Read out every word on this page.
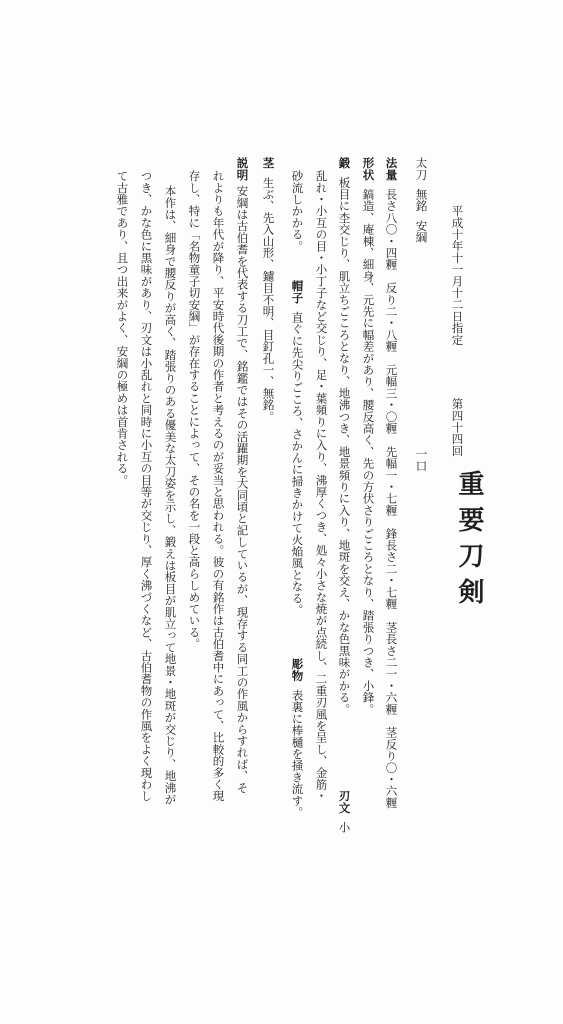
重要刀剣
平成十年十一月十二日指定
第四十四回
太刀無銘安綱
一口
法量長さ八〇・四糎　反り二・八糎　元幅三・〇糎　先幅一・七糎　鋒長さ二・七糎　茎長さ二一・六糎　茎反り〇・六糎
形状鎬造、庵棟、細身、元先に幅差があり、腰反高く、先の方伏さりごころとなり、踏張りつき、小鋒。
鍛板目に杢交じり、肌立ちごころとなり、地沸つき、地景頻りに入り、地斑を交え、かな色黒味がかる。
刃文小
乱れ・小互の目・小丁子など交じり、足・葉頻りに入り、沸厚くつき、処々小さな焼が点続し、二重刃風を呈し、金筋・
砂流しかかる。
帽子直ぐに先尖りごころ、さかんに掃きかけて火焔風となる。
彫物表裏に棒樋を掻き流す。
茎生ぶ、先入山形、鑢目不明、目釘孔一、無銘。
説明
安綱は古伯耆を代表する刀工で、銘鑑ではその活躍期を大同頃と記しているが、現存する同工の作風からすれば、そ
れよりも年代が降り、平安時代後期の作者と考えるのが妥当と思われる。彼の有銘作は古伯耆中にあって、比較的多く現
存し、特に「名物童子切安綱」が存在することによって、その名を一段と高らしめている。
本作は、細身で腰反りが高く、踏張りのある優美な太刀姿を示し、鍛えは板目が肌立って地景・地斑が交じり、地沸が
つき、かな色に黒味があり、刃文は小乱れと同時に小互の目等が交じり、厚く沸づくなど、古伯耆物の作風をよく現わし
て古雅であり、且つ出来がよく、安綱の極めは首肯される。
